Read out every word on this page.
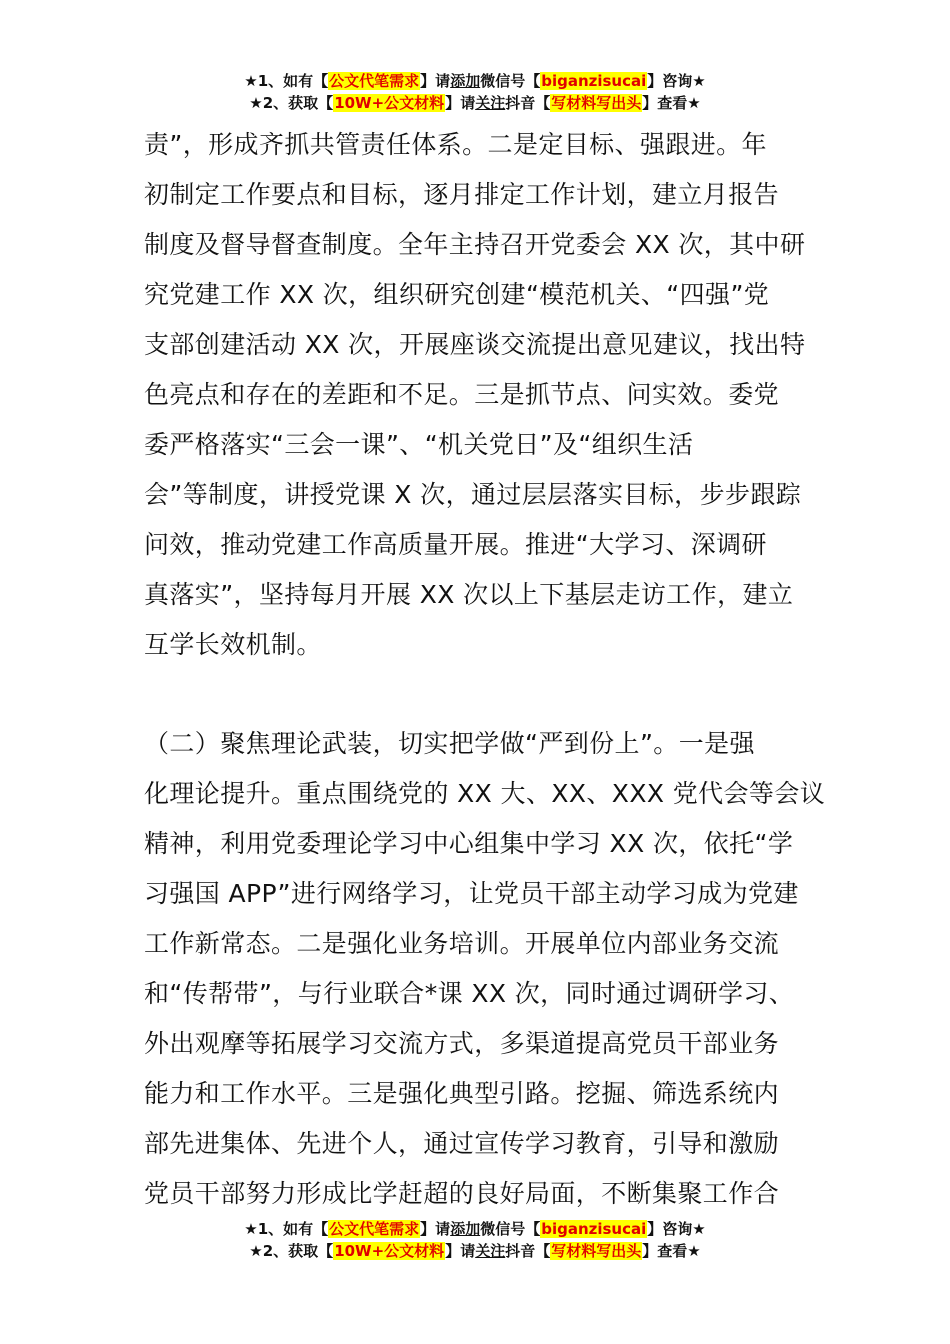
★1、如有【公文代笔需求】请添加微信号【biganzisucai】咨询★
★2、获取【10W+公文材料】请关注抖音【写材料写出头】查看★
责”，形成齐抓共管责任体系。二是定目标、强跟进。年
初制定工作要点和目标，逐月排定工作计划，建立月报告
制度及督导督查制度。全年主持召开党委会 XX 次，其中研
究党建工作 XX 次，组织研究创建“模范机关、“四强”党
支部创建活动 XX 次，开展座谈交流提出意见建议，找出特
色亮点和存在的差距和不足。三是抓节点、问实效。委党
委严格落实“三会一课”、“机关党日”及“组织生活
会”等制度，讲授党课 X 次，通过层层落实目标，步步跟踪
问效，推动党建工作高质量开展。推进“大学习、深调研
真落实”，坚持每月开展 XX 次以上下基层走访工作，建立
互学长效机制。
（二）聚焦理论武装，切实把学做“严到份上”。一是强
化理论提升。重点围绕党的 XX 大、XX、XXX 党代会等会议
精神，利用党委理论学习中心组集中学习 XX 次，依托“学
习强国 APP”进行网络学习，让党员干部主动学习成为党建
工作新常态。二是强化业务培训。开展单位内部业务交流
和“传帮带”，与行业联合*课 XX 次，同时通过调研学习、
外出观摩等拓展学习交流方式，多渠道提高党员干部业务
能力和工作水平。三是强化典型引路。挖掘、筛选系统内
部先进集体、先进个人，通过宣传学习教育，引导和激励
党员干部努力形成比学赶超的良好局面，不断集聚工作合
★1、如有【公文代笔需求】请添加微信号【biganzisucai】咨询★
★2、获取【10W+公文材料】请关注抖音【写材料写出头】查看★
